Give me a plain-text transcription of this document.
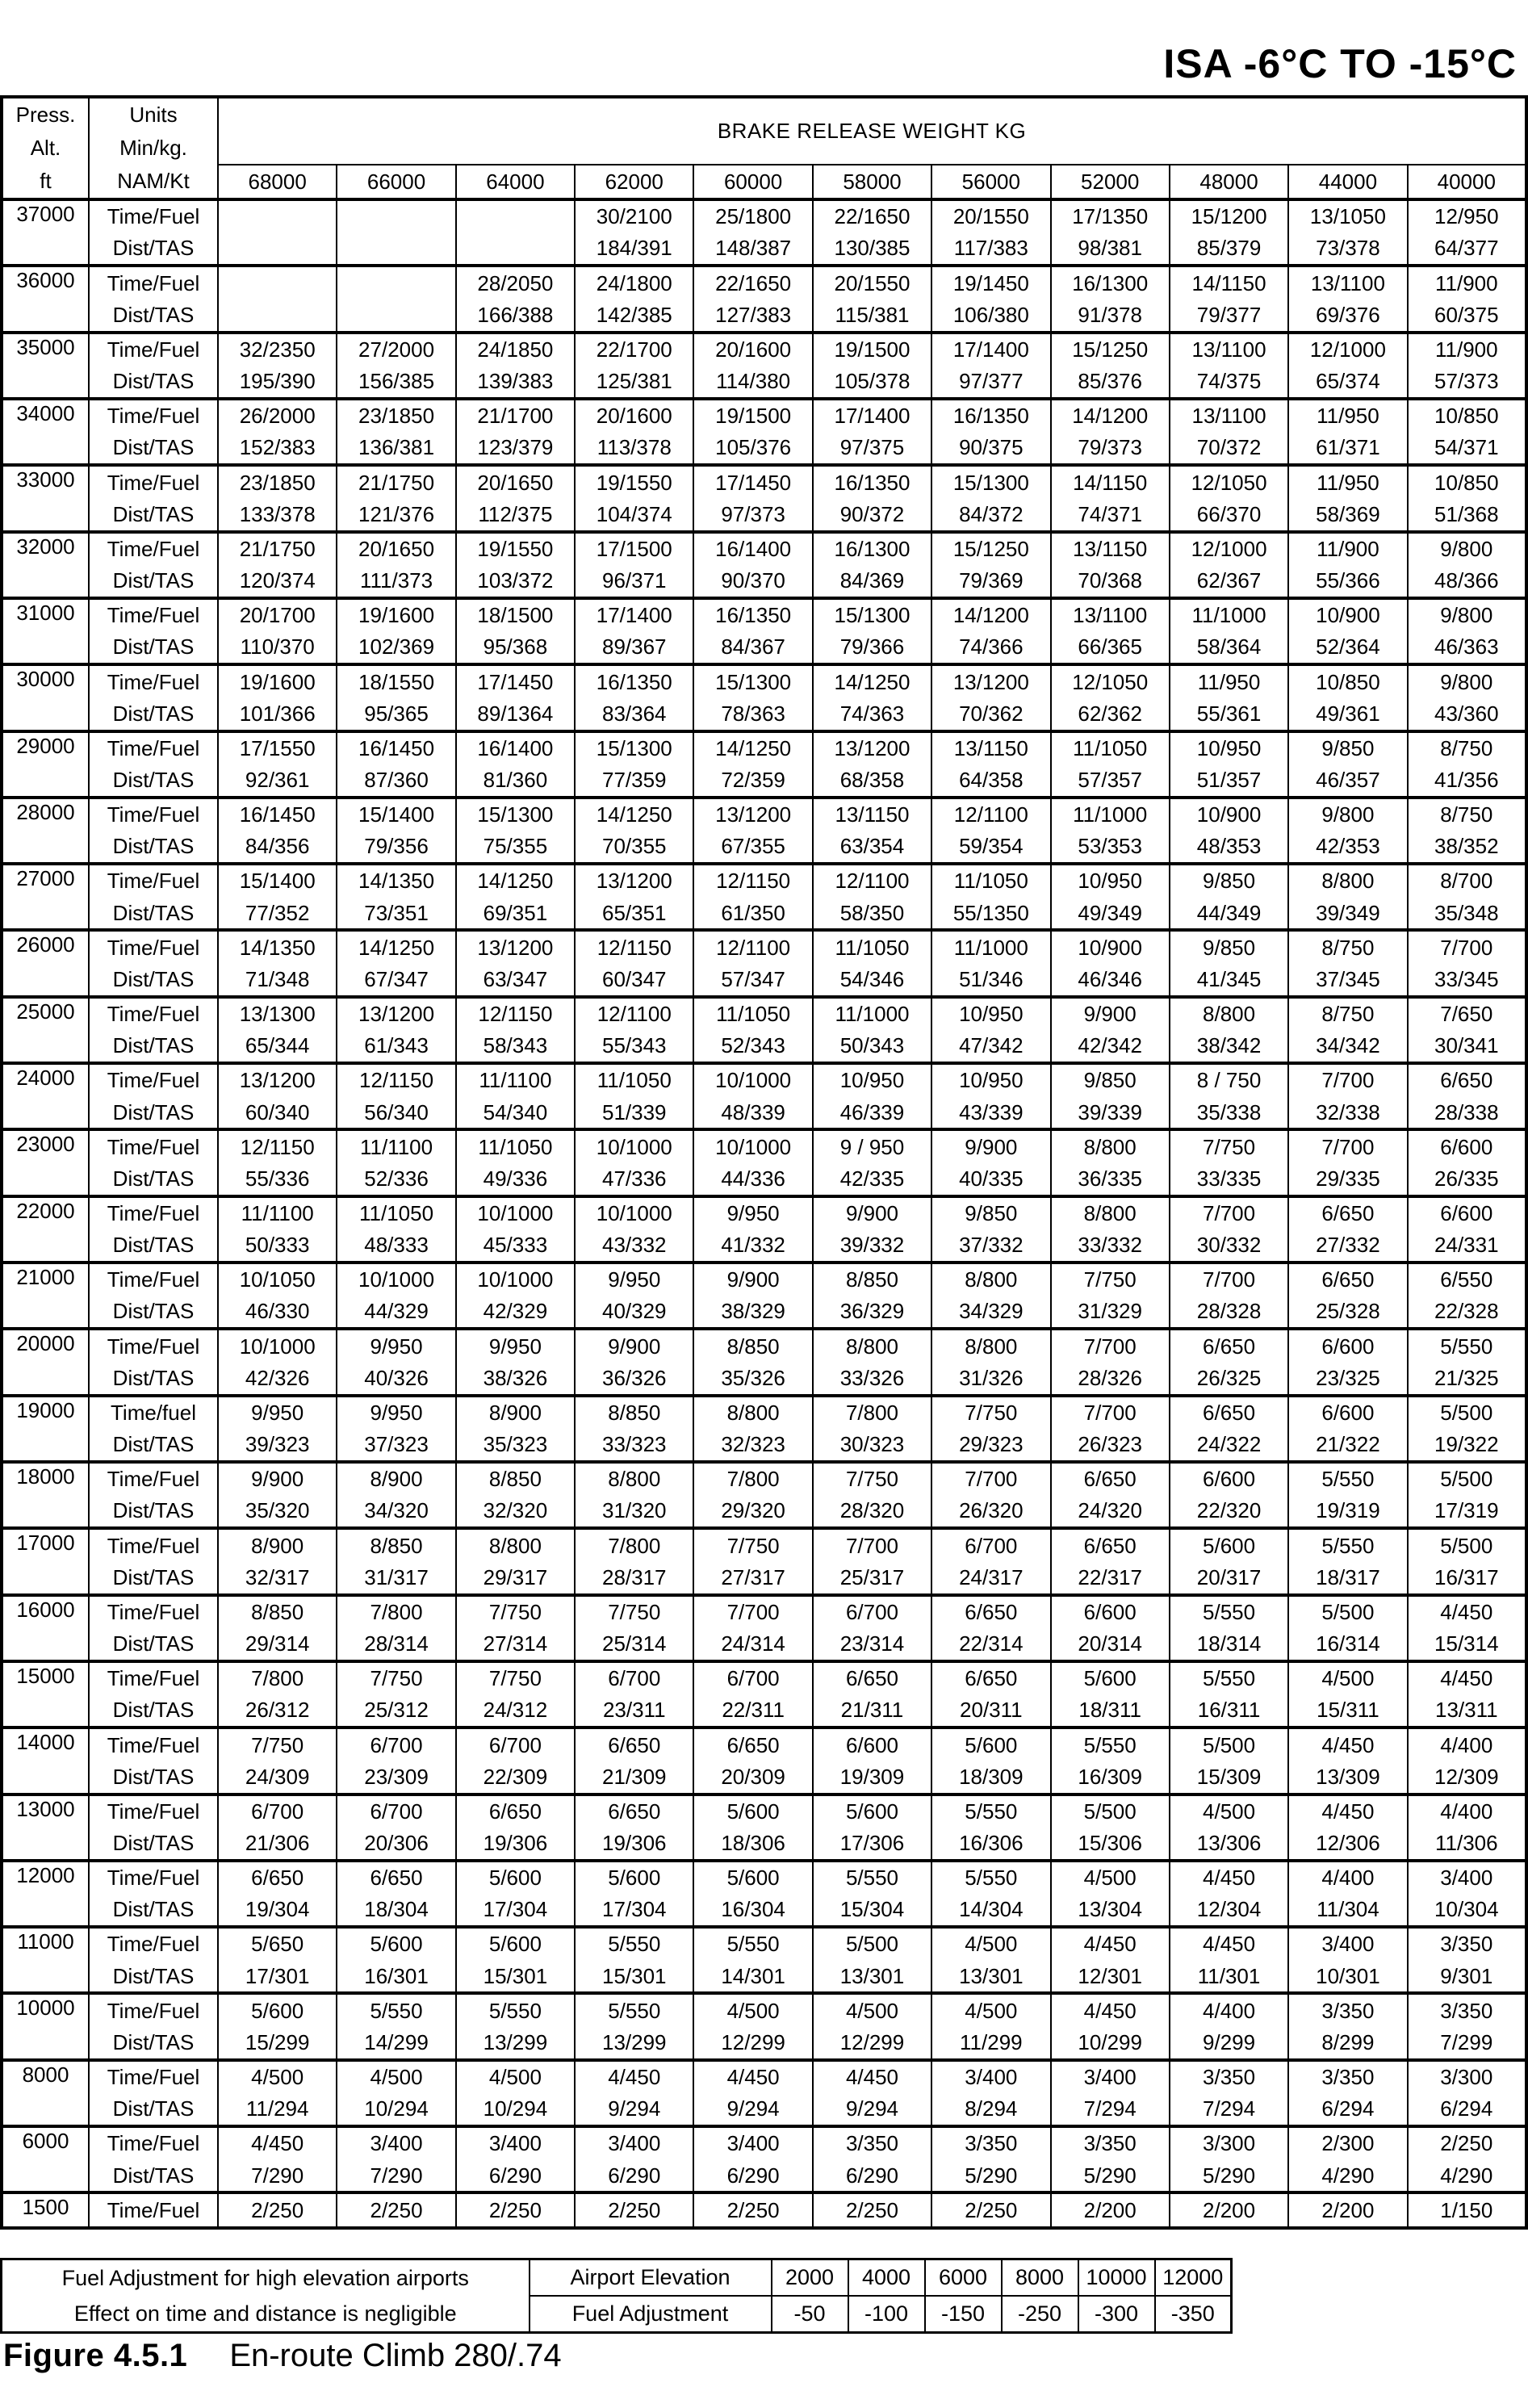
ISA -6°C TO -15°C
Press.
Alt.
ft	Units
Min/kg.
NAM/Kt	BRAKE RELEASE WEIGHT KG										
		68000	66000	64000	62000	60000	58000	56000	52000	48000	44000	40000
37000	Time/Fuel				30/2100	25/1800	22/1650	20/1550	17/1350	15/1200	13/1050	12/950
	Dist/TAS				184/391	148/387	130/385	117/383	98/381	85/379	73/378	64/377
36000	Time/Fuel			28/2050	24/1800	22/1650	20/1550	19/1450	16/1300	14/1150	13/1100	11/900
	Dist/TAS			166/388	142/385	127/383	115/381	106/380	91/378	79/377	69/376	60/375
35000	Time/Fuel	32/2350	27/2000	24/1850	22/1700	20/1600	19/1500	17/1400	15/1250	13/1100	12/1000	11/900
	Dist/TAS	195/390	156/385	139/383	125/381	114/380	105/378	97/377	85/376	74/375	65/374	57/373
34000	Time/Fuel	26/2000	23/1850	21/1700	20/1600	19/1500	17/1400	16/1350	14/1200	13/1100	11/950	10/850
	Dist/TAS	152/383	136/381	123/379	113/378	105/376	97/375	90/375	79/373	70/372	61/371	54/371
33000	Time/Fuel	23/1850	21/1750	20/1650	19/1550	17/1450	16/1350	15/1300	14/1150	12/1050	11/950	10/850
	Dist/TAS	133/378	121/376	112/375	104/374	97/373	90/372	84/372	74/371	66/370	58/369	51/368
32000	Time/Fuel	21/1750	20/1650	19/1550	17/1500	16/1400	16/1300	15/1250	13/1150	12/1000	11/900	9/800
	Dist/TAS	120/374	111/373	103/372	96/371	90/370	84/369	79/369	70/368	62/367	55/366	48/366
31000	Time/Fuel	20/1700	19/1600	18/1500	17/1400	16/1350	15/1300	14/1200	13/1100	11/1000	10/900	9/800
	Dist/TAS	110/370	102/369	95/368	89/367	84/367	79/366	74/366	66/365	58/364	52/364	46/363
30000	Time/Fuel	19/1600	18/1550	17/1450	16/1350	15/1300	14/1250	13/1200	12/1050	11/950	10/850	9/800
	Dist/TAS	101/366	95/365	89/1364	83/364	78/363	74/363	70/362	62/362	55/361	49/361	43/360
29000	Time/Fuel	17/1550	16/1450	16/1400	15/1300	14/1250	13/1200	13/1150	11/1050	10/950	9/850	8/750
	Dist/TAS	92/361	87/360	81/360	77/359	72/359	68/358	64/358	57/357	51/357	46/357	41/356
28000	Time/Fuel	16/1450	15/1400	15/1300	14/1250	13/1200	13/1150	12/1100	11/1000	10/900	9/800	8/750
	Dist/TAS	84/356	79/356	75/355	70/355	67/355	63/354	59/354	53/353	48/353	42/353	38/352
27000	Time/Fuel	15/1400	14/1350	14/1250	13/1200	12/1150	12/1100	11/1050	10/950	9/850	8/800	8/700
	Dist/TAS	77/352	73/351	69/351	65/351	61/350	58/350	55/1350	49/349	44/349	39/349	35/348
26000	Time/Fuel	14/1350	14/1250	13/1200	12/1150	12/1100	11/1050	11/1000	10/900	9/850	8/750	7/700
	Dist/TAS	71/348	67/347	63/347	60/347	57/347	54/346	51/346	46/346	41/345	37/345	33/345
25000	Time/Fuel	13/1300	13/1200	12/1150	12/1100	11/1050	11/1000	10/950	9/900	8/800	8/750	7/650
	Dist/TAS	65/344	61/343	58/343	55/343	52/343	50/343	47/342	42/342	38/342	34/342	30/341
24000	Time/Fuel	13/1200	12/1150	11/1100	11/1050	10/1000	10/950	10/950	9/850	8 / 750	7/700	6/650
	Dist/TAS	60/340	56/340	54/340	51/339	48/339	46/339	43/339	39/339	35/338	32/338	28/338
23000	Time/Fuel	12/1150	11/1100	11/1050	10/1000	10/1000	9 / 950	9/900	8/800	7/750	7/700	6/600
	Dist/TAS	55/336	52/336	49/336	47/336	44/336	42/335	40/335	36/335	33/335	29/335	26/335
22000	Time/Fuel	11/1100	11/1050	10/1000	10/1000	9/950	9/900	9/850	8/800	7/700	6/650	6/600
	Dist/TAS	50/333	48/333	45/333	43/332	41/332	39/332	37/332	33/332	30/332	27/332	24/331
21000	Time/Fuel	10/1050	10/1000	10/1000	9/950	9/900	8/850	8/800	7/750	7/700	6/650	6/550
	Dist/TAS	46/330	44/329	42/329	40/329	38/329	36/329	34/329	31/329	28/328	25/328	22/328
20000	Time/Fuel	10/1000	9/950	9/950	9/900	8/850	8/800	8/800	7/700	6/650	6/600	5/550
	Dist/TAS	42/326	40/326	38/326	36/326	35/326	33/326	31/326	28/326	26/325	23/325	21/325
19000	Time/fuel	9/950	9/950	8/900	8/850	8/800	7/800	7/750	7/700	6/650	6/600	5/500
	Dist/TAS	39/323	37/323	35/323	33/323	32/323	30/323	29/323	26/323	24/322	21/322	19/322
18000	Time/Fuel	9/900	8/900	8/850	8/800	7/800	7/750	7/700	6/650	6/600	5/550	5/500
	Dist/TAS	35/320	34/320	32/320	31/320	29/320	28/320	26/320	24/320	22/320	19/319	17/319
17000	Time/Fuel	8/900	8/850	8/800	7/800	7/750	7/700	6/700	6/650	5/600	5/550	5/500
	Dist/TAS	32/317	31/317	29/317	28/317	27/317	25/317	24/317	22/317	20/317	18/317	16/317
16000	Time/Fuel	8/850	7/800	7/750	7/750	7/700	6/700	6/650	6/600	5/550	5/500	4/450
	Dist/TAS	29/314	28/314	27/314	25/314	24/314	23/314	22/314	20/314	18/314	16/314	15/314
15000	Time/Fuel	7/800	7/750	7/750	6/700	6/700	6/650	6/650	5/600	5/550	4/500	4/450
	Dist/TAS	26/312	25/312	24/312	23/311	22/311	21/311	20/311	18/311	16/311	15/311	13/311
14000	Time/Fuel	7/750	6/700	6/700	6/650	6/650	6/600	5/600	5/550	5/500	4/450	4/400
	Dist/TAS	24/309	23/309	22/309	21/309	20/309	19/309	18/309	16/309	15/309	13/309	12/309
13000	Time/Fuel	6/700	6/700	6/650	6/650	5/600	5/600	5/550	5/500	4/500	4/450	4/400
	Dist/TAS	21/306	20/306	19/306	19/306	18/306	17/306	16/306	15/306	13/306	12/306	11/306
12000	Time/Fuel	6/650	6/650	5/600	5/600	5/600	5/550	5/550	4/500	4/450	4/400	3/400
	Dist/TAS	19/304	18/304	17/304	17/304	16/304	15/304	14/304	13/304	12/304	11/304	10/304
11000	Time/Fuel	5/650	5/600	5/600	5/550	5/550	5/500	4/500	4/450	4/450	3/400	3/350
	Dist/TAS	17/301	16/301	15/301	15/301	14/301	13/301	13/301	12/301	11/301	10/301	9/301
10000	Time/Fuel	5/600	5/550	5/550	5/550	4/500	4/500	4/500	4/450	4/400	3/350	3/350
	Dist/TAS	15/299	14/299	13/299	13/299	12/299	12/299	11/299	10/299	9/299	8/299	7/299
8000	Time/Fuel	4/500	4/500	4/500	4/450	4/450	4/450	3/400	3/400	3/350	3/350	3/300
	Dist/TAS	11/294	10/294	10/294	9/294	9/294	9/294	8/294	7/294	7/294	6/294	6/294
6000	Time/Fuel	4/450	3/400	3/400	3/400	3/400	3/350	3/350	3/350	3/300	2/300	2/250
	Dist/TAS	7/290	7/290	6/290	6/290	6/290	6/290	5/290	5/290	5/290	4/290	4/290
1500	Time/Fuel	2/250	2/250	2/250	2/250	2/250	2/250	2/250	2/200	2/200	2/200	1/150
Fuel Adjustment for high elevation airports
Effect on time and distance is negligible	Airport Elevation	2000	4000	6000	8000	10000	12000
	Fuel Adjustment	-50	-100	-150	-250	-300	-350
Figure 4.5.1 En-route Climb 280/.74
